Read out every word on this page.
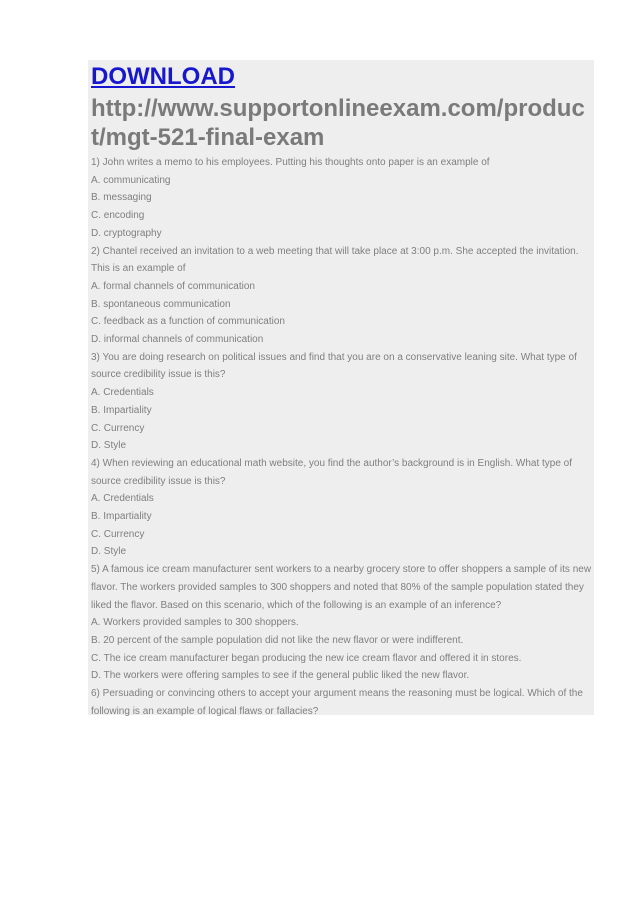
DOWNLOAD
http://www.supportonlineexam.com/product/mgt-521-final-exam

1) John writes a memo to his employees. Putting his thoughts onto paper is an example of

A. communicating

B. messaging

C. encoding

D. cryptography

2) Chantel received an invitation to a web meeting that will take place at 3:00 p.m. She accepted the invitation. This is an example of

A. formal channels of communication

B. spontaneous communication

C. feedback as a function of communication

D. informal channels of communication

3) You are doing research on political issues and find that you are on a conservative leaning site. What type of source credibility issue is this?

A. Credentials

B. Impartiality

C. Currency

D. Style

4) When reviewing an educational math website, you find the author’s background is in English. What type of source credibility issue is this?

A. Credentials

B. Impartiality

C. Currency

D. Style

5) A famous ice cream manufacturer sent workers to a nearby grocery store to offer shoppers a sample of its new flavor. The workers provided samples to 300 shoppers and noted that 80% of the sample population stated they liked the flavor. Based on this scenario, which of the following is an example of an inference?

A. Workers provided samples to 300 shoppers.

B. 20 percent of the sample population did not like the new flavor or were indifferent.

C. The ice cream manufacturer began producing the new ice cream flavor and offered it in stores.

D. The workers were offering samples to see if the general public liked the new flavor.

6) Persuading or convincing others to accept your argument means the reasoning must be logical. Which of the following is an example of logical flaws or fallacies?
